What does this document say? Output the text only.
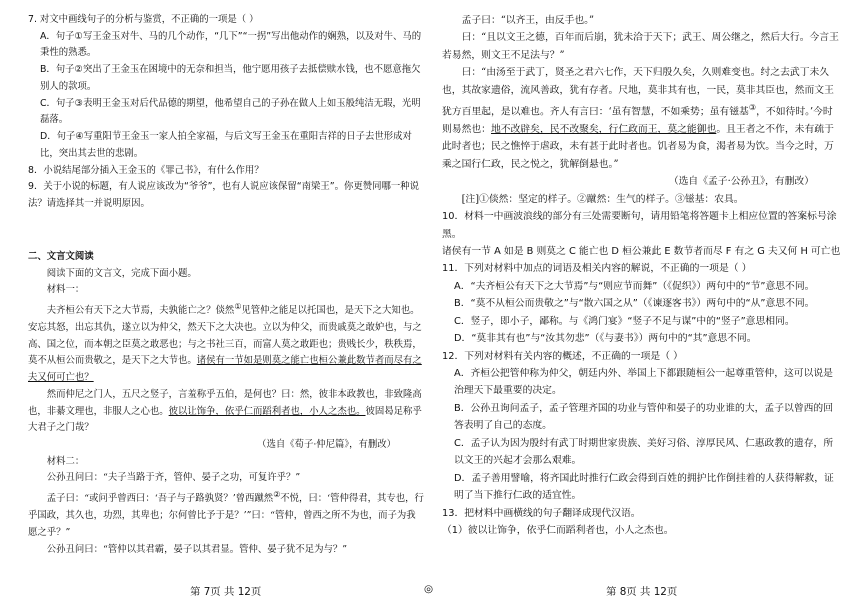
7. 对文中画线句子的分析与鉴赏，不正确的一项是（ ）

A．句子①写王金玉对牛、马的几个动作，“几下”“一拐”写出他动作的娴熟，以及对牛、马的秉性的熟悉。

B．句子②突出了王金玉在困境中的无奈和担当，他宁愿用孩子去抵偿赎水钱，也不愿意拖欠别人的款项。

C．句子③表明王金玉对后代品德的期望，他希望自己的子孙在做人上如玉般纯洁无瑕，光明磊落。

D．句子④写重阳节王金玉一家人拍全家福，与后文写王金玉在重阳吉祥的日子去世形成对比，突出其去世的悲剧。

8．小说结尾部分插入王金玉的《罪己书》，有什么作用？

9．关于小说的标题，有人说应该改为“爷爷”，也有人说应该保留“南梁王”。你更赞同哪一种说法？请选择其一并说明原因。

二、文言文阅读

阅读下面的文言文，完成下面小题。

材料一：

夫齐桓公有天下之大节焉，夫孰能亡之？倓然①见管仲之能足以托国也，是天下之大知也。安忘其怒，出忘其仇，遂立以为仲父，然天下之大决也。立以为仲父，而贵戚莫之敢妒也，与之高、国之位，而本朝之臣莫之敢恶也；与之书社三百，而富人莫之敢距也；贵贱长少，秩秩焉，莫不从桓公而贵敬之，是天下之大节也。诸侯有一节如是则莫之能亡也桓公兼此数节者而尽有之夫又何可亡也？

然而仲尼之门人，五尺之竖子，言羞称乎五伯，是何也？曰：然，彼非本政教也，非致隆高也，非綦文理也，非服人之心也。彼以让饰争，依乎仁而蹈利者也，小人之杰也。彼固曷足称乎大君子之门哉？

（选自《荀子·仲尼篇》，有删改）

材料二：

公孙丑问曰：“夫子当路于齐，管仲、晏子之功，可复许乎？”

孟子曰：“或问乎曾西曰：‘吾子与子路孰贤？’曾西蹴然②不悦，曰：‘管仲得君，其专也，行乎国政，其久也，功烈，其卑也；尔何曾比予于是？’”曰：“管仲，曾西之所不为也，而子为我愿之乎？”

公孙丑问曰：“管仲以其君霸，晏子以其君显。管仲、晏子犹不足为与？”

孟子曰：“以齐王，由反手也。”

曰：“且以文王之德，百年而后崩，犹未洽于天下；武王、周公继之，然后大行。今言王若易然，则文王不足法与？”

曰：“由汤至于武丁，贤圣之君六七作，天下归殷久矣，久则难变也。纣之去武丁未久也，其故家遗俗，流风善政，犹有存者。尺地，莫非其有也，一民，莫非其臣也，然而文王犹方百里起，是以难也。齐人有言曰：‘虽有智慧，不如乘势；虽有镃基③，不如待时。’今时则易然也：地不改辟矣，民不改聚矣，行仁政而王，莫之能御也。且王者之不作，未有疏于此时者也；民之憔悴于虐政，未有甚于此时者也。饥者易为食，渴者易为饮。当今之时，万乘之国行仁政，民之悦之，犹解倒悬也。”

（选自《孟子·公孙丑》，有删改）

[注]①倓然：坚定的样子。②蹴然：生气的样子。③镃基：农具。

10．材料一中画波浪线的部分有三处需要断句，请用铅笔将答题卡上相应位置的答案标号涂黑。

诸侯有一节 A 如是 B 则莫之 C 能亡也 D 桓公兼此 E 数节者而尽 F 有之 G 夫又何 H 可亡也

11．下列对材料中加点的词语及相关内容的解说，不正确的一项是（ ）

A．“夫齐桓公有天下之大节焉”与“则应节而舞”（《促织》）两句中的“节”意思不同。

B．“莫不从桓公而贵敬之”与“散六国之从”（《谏逐客书》）两句中的“从”意思不同。

C．竖子，即小子，鄙称。与《鸿门宴》“竖子不足与谋”中的“竖子”意思相同。

D．“莫非其有也”与“汝其勿悲”（《与妻书》）两句中的“其”意思不同。

12．下列对材料有关内容的概述，不正确的一项是（ ）

A．齐桓公把管仲称为仲父，朝廷内外、举国上下都跟随桓公一起尊重管仲，这可以说是治理天下最重要的决定。

B．公孙丑询问孟子，孟子管理齐国的功业与管仲和晏子的功业谁的大，孟子以曾西的回答表明了自己的态度。

C．孟子认为因为殷纣有武丁时期世家贵族、美好习俗、淳厚民风、仁惠政教的遗存，所以文王的兴起才会那么艰难。

D．孟子善用譬喻，将齐国此时推行仁政会得到百姓的拥护比作倒挂着的人获得解救，证明了当下推行仁政的适宜性。

13．把材料中画横线的句子翻译成现代汉语。

（1）彼以让饰争，依乎仁而蹈利者也，小人之杰也。

第 7页 共 12页	◎	第 8页 共 12页
